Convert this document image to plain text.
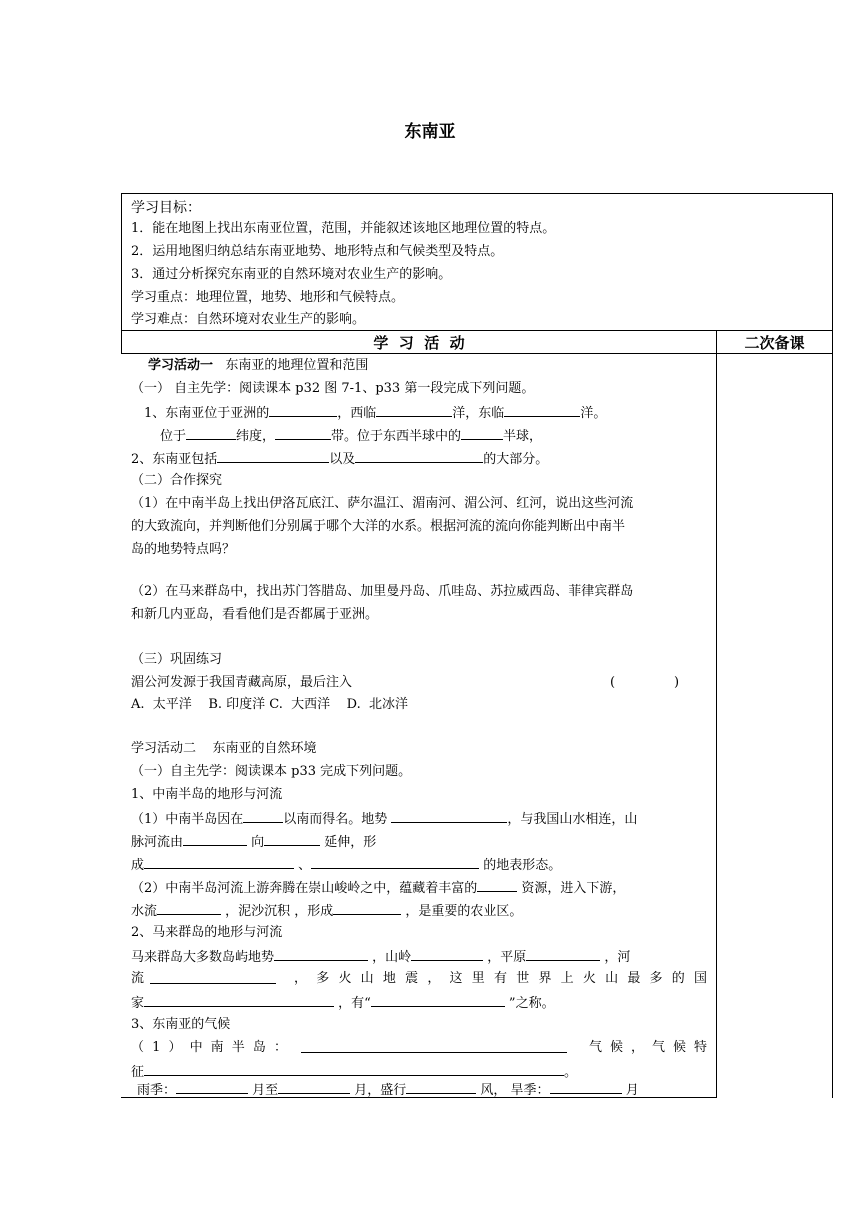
东南亚
学习目标：
1．能在地图上找出东南亚位置，范围，并能叙述该地区地理位置的特点。
2．运用地图归纳总结东南亚地势、地形特点和气候类型及特点。
3．通过分析探究东南亚的自然环境对农业生产的影响。
学习重点：地理位置，地势、地形和气候特点。
学习难点：自然环境对农业生产的影响。
学  习  活  动	二次备课
学习活动一 东南亚的地理位置和范围
（一） 自主先学：阅读课本 p32 图 7-1、p33 第一段完成下列问题。
1、东南亚位于亚洲的	，西临	洋，东临	洋。
位于	纬度，	带。位于东西半球中的	半球，
2、东南亚包括	以及	的大部分。
（二）合作探究
（1）在中南半岛上找出伊洛瓦底江、萨尔温江、湄南河、湄公河、红河，说出这些河流
的大致流向，并判断他们分别属于哪个大洋的水系。根据河流的流向你能判断出中南半
岛的地势特点吗？
（2）在马来群岛中，找出苏门答腊岛、加里曼丹岛、爪哇岛、苏拉威西岛、菲律宾群岛
和新几内亚岛，看看他们是否都属于亚洲。
（三）巩固练习
湄公河发源于我国青藏高原，最后注入	(	)
A.  太平洋    B. 印度洋 C.  大西洋    D.  北冰洋
学习活动二    东南亚的自然环境
（一）自主先学：阅读课本 p33 完成下列问题。
1、中南半岛的地形与河流
（1）中南半岛因在	以南而得名。地势	，与我国山水相连，山
脉河流由	向	延伸，形
成	、	的地表形态。
（2）中南半岛河流上游奔腾在崇山峻岭之中，蕴藏着丰富的	资源，进入下游，
水流	，泥沙沉积 ，形成	，是重要的农业区。
2、马来群岛的地形与河流
马来群岛大多数岛屿地势	，山岭	，平原	，河
流	，多火山地震，这里有世界上火山最多的国
家	，有“	”之称。
3、东南亚的气候
（1）中南半岛：	气候，气候特
征	。
雨季：	月至	月，盛行	风， 旱季：	月
